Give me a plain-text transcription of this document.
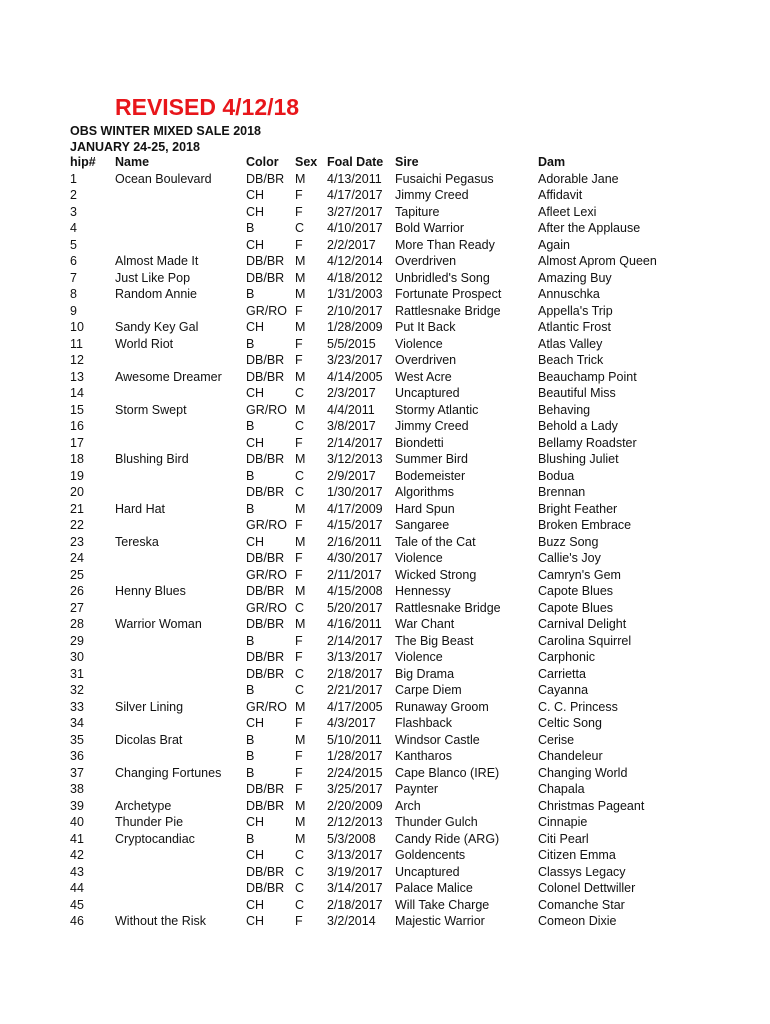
REVISED 4/12/18

OBS WINTER MIXED SALE 2018

JANUARY 24-25, 2018

hip# Name	Color Sex Foal Date Sire	Dam
1	Ocean Boulevard	DB/BR M 4/13/2011 Fusaichi Pegasus	Adorable Jane
2	CH F 4/17/2017 Jimmy Creed	Affidavit
3	CH F 3/27/2017 Tapiture	Afleet Lexi
4	B	C 4/10/2017 Bold Warrior	After the Applause
5	CH F 2/2/2017 More Than Ready	Again
6	Almost Made It	DB/BR M 4/12/2014 Overdriven	Almost Aprom Queen
7	Just Like Pop	DB/BR M 4/18/2012 Unbridled's Song	Amazing Buy
8	Random Annie	B	M 1/31/2003 Fortunate Prospect	Annuschka
9	GR/RO F 2/10/2017 Rattlesnake Bridge	Appella's Trip
10 Sandy Key Gal	CH M 1/28/2009 Put It Back	Atlantic Frost
11	World Riot	B	F 5/5/2015 Violence	Atlas Valley
12	DB/BR F 3/23/2017 Overdriven	Beach Trick
13 Awesome Dreamer DB/BR M 4/14/2005 West Acre	Beauchamp Point
14	CH C 2/3/2017 Uncaptured	Beautiful Miss
15 Storm Swept	GR/RO M 4/4/2011 Stormy Atlantic	Behaving
16	B	C 3/8/2017 Jimmy Creed	Behold a Lady
17	CH F 2/14/2017 Biondetti	Bellamy Roadster
18 Blushing Bird	DB/BR M 3/12/2013 Summer Bird	Blushing Juliet
19	B	C 2/9/2017 Bodemeister	Bodua
20	DB/BR C 1/30/2017 Algorithms	Brennan
21 Hard Hat	B	M 4/17/2009 Hard Spun	Bright Feather
22	GR/RO F 4/15/2017 Sangaree	Broken Embrace
23 Tereska	CH M 2/16/2011 Tale of the Cat	Buzz Song
24	DB/BR F 4/30/2017 Violence	Callie's Joy
25	GR/RO F 2/11/2017 Wicked Strong	Camryn's Gem
26 Henny Blues	DB/BR M 4/15/2008 Hennessy	Capote Blues
27	GR/RO C 5/20/2017 Rattlesnake Bridge	Capote Blues
28 Warrior Woman	DB/BR M 4/16/2011 War Chant	Carnival Delight
29	B	F 2/14/2017 The Big Beast	Carolina Squirrel
30	DB/BR F 3/13/2017 Violence	Carphonic
31	DB/BR C 2/18/2017 Big Drama	Carrietta
32	B	C 2/21/2017 Carpe Diem	Cayanna
33 Silver Lining	GR/RO M 4/17/2005 Runaway Groom	C. C. Princess
34	CH F 4/3/2017 Flashback	Celtic Song
35 Dicolas Brat	B	M 5/10/2011 Windsor Castle	Cerise
36	B	F 1/28/2017 Kantharos	Chandeleur
37 Changing Fortunes B	F 2/24/2015 Cape Blanco (IRE)	Changing World
38	DB/BR F 3/25/2017 Paynter	Chapala
39 Archetype	DB/BR M 2/20/2009 Arch	Christmas Pageant
40 Thunder Pie	CH M 2/12/2013 Thunder Gulch	Cinnapie
41 Cryptocandiac	B	M 5/3/2008 Candy Ride (ARG)	Citi Pearl
42	CH C 3/13/2017 Goldencents	Citizen Emma
43	DB/BR C 3/19/2017 Uncaptured	Classys Legacy
44	DB/BR C 3/14/2017 Palace Malice	Colonel Dettwiller
45	CH C 2/18/2017 Will Take Charge	Comanche Star
46 Without the Risk	CH F 3/2/2014 Majestic Warrior	Comeon Dixie
